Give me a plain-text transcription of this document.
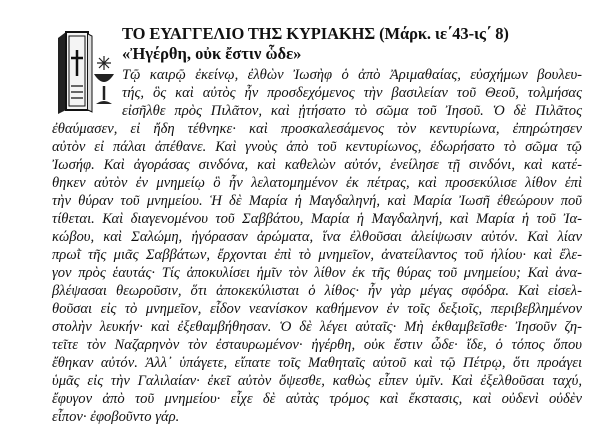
ΤΟ ΕΥΑΓΓΕΛΙΟ ΤΗΣ ΚΥΡΙΑΚΗΣ (Μάρκ. ιε΄43-ις΄ 8)
«Ἠγέρθη, οὐκ ἔστιν ὧδε»
Τῷ καιρῷ ἐκείνῳ, ἐλθὼν Ἰωσὴφ ὁ ἀπὸ Ἀριμαθαίας, εὐσχήμων βουλευ-
τής, ὃς καὶ αὐτὸς ἦν προσδεχόμενος τὴν βασιλείαν τοῦ Θεοῦ, τολμήσας
εἰσῆλθε πρὸς Πιλᾶτον, καὶ ᾐτήσατο τὸ σῶμα τοῦ Ἰησοῦ. Ὁ δὲ Πιλᾶτος
ἐθαύμασεν, εἰ ἤδη τέθνηκε· καὶ προσκαλεσάμενος τὸν κεντυρίωνα, ἐπηρώτησεν
αὐτὸν εἰ πάλαι ἀπέθανε. Καὶ γνοὺς ἀπὸ τοῦ κεντυρίωνος, ἐδωρήσατο τὸ σῶμα τῷ
Ἰωσήφ. Καὶ ἀγοράσας σινδόνα, καὶ καθελὼν αὐτόν, ἐνείλησε τῇ σινδόνι, καὶ κατέ-
θηκεν αὐτὸν ἐν μνημείῳ ὃ ἦν λελατομημένον ἐκ πέτρας, καὶ προσεκύλισε λίθον ἐπὶ
τὴν θύραν τοῦ μνημείου. Ἡ δὲ Μαρία ἡ Μαγδαληνή, καὶ Μαρία Ἰωσῆ ἐθεώρουν ποῦ
τίθεται. Καὶ διαγενομένου τοῦ Σαββάτου, Μαρία ἡ Μαγδαληνή, καὶ Μαρία ἡ τοῦ Ἰα-
κώβου, καὶ Σαλώμη, ἠγόρασαν ἀρώματα, ἵνα ἐλθοῦσαι ἀλείψωσιν αὐτόν. Καὶ λίαν
πρωῒ τῆς μιᾶς Σαββάτων, ἔρχονται ἐπὶ τὸ μνημεῖον, ἀνατείλαντος τοῦ ἡλίου· καὶ ἔλε-
γον πρὸς ἑαυτάς· Τίς ἀποκυλίσει ἡμῖν τὸν λίθον ἐκ τῆς θύρας τοῦ μνημείου; Καὶ ἀνα-
βλέψασαι θεωροῦσιν, ὅτι ἀποκεκύλισται ὁ λίθος· ἦν γὰρ μέγας σφόδρα. Καὶ εἰσελ-
θοῦσαι εἰς τὸ μνημεῖον, εἶδον νεανίσκον καθήμενον ἐν τοῖς δεξιοῖς, περιβεβλημένον
στολὴν λευκήν· καὶ ἐξεθαμβήθησαν. Ὁ δὲ λέγει αὐταῖς· Μὴ ἐκθαμβεῖσθε· Ἰησοῦν ζη-
τεῖτε τὸν Ναζαρηνὸν τὸν ἐσταυρωμένον· ἠγέρθη, οὐκ ἔστιν ὧδε· ἴδε, ὁ τόπος ὅπου
ἔθηκαν αὐτόν. Ἀλλ᾽ ὑπάγετε, εἴπατε τοῖς Μαθηταῖς αὐτοῦ καὶ τῷ Πέτρῳ, ὅτι προάγει
ὑμᾶς εἰς τὴν Γαλιλαίαν· ἐκεῖ αὐτὸν ὄψεσθε, καθὼς εἶπεν ὑμῖν. Καὶ ἐξελθοῦσαι ταχύ,
ἔφυγον ἀπὸ τοῦ μνημείου· εἶχε δὲ αὐτὰς τρόμος καὶ ἔκστασις, καὶ οὐδενὶ οὐδὲν
εἶπον· ἐφοβοῦντο γάρ.
